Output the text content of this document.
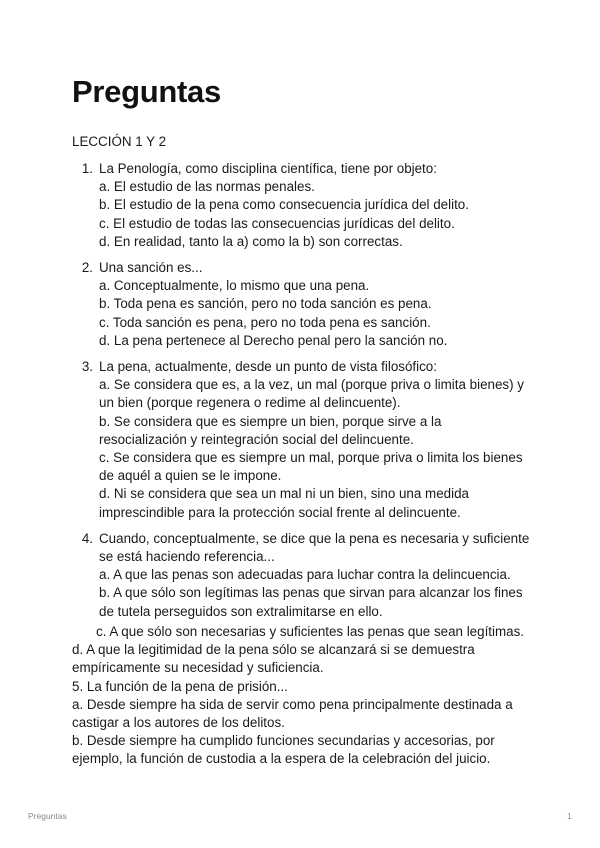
Preguntas
LECCIÓN 1 Y 2
1. La Penología, como disciplina científica, tiene por objeto:
a. El estudio de las normas penales.
b. El estudio de la pena como consecuencia jurídica del delito.
c. El estudio de todas las consecuencias jurídicas del delito.
d. En realidad, tanto la a) como la b) son correctas.
2. Una sanción es...
a. Conceptualmente, lo mismo que una pena.
b. Toda pena es sanción, pero no toda sanción es pena.
c. Toda sanción es pena, pero no toda pena es sanción.
d. La pena pertenece al Derecho penal pero la sanción no.
3. La pena, actualmente, desde un punto de vista filosófico:
a. Se considera que es, a la vez, un mal (porque priva o limita bienes) y un bien (porque regenera o redime al delincuente).
b. Se considera que es siempre un bien, porque sirve a la resocialización y reintegración social del delincuente.
c. Se considera que es siempre un mal, porque priva o limita los bienes de aquél a quien se le impone.
d. Ni se considera que sea un mal ni un bien, sino una medida imprescindible para la protección social frente al delincuente.
4. Cuando, conceptualmente, se dice que la pena es necesaria y suficiente se está haciendo referencia...
a. A que las penas son adecuadas para luchar contra la delincuencia.
b. A que sólo son legítimas las penas que sirvan para alcanzar los fines de tutela perseguidos son extralimitarse en ello.
c. A que sólo son necesarias y suficientes las penas que sean legítimas.
d. A que la legitimidad de la pena sólo se alcanzará si se demuestra empíricamente su necesidad y suficiencia.
5. La función de la pena de prisión...
a. Desde siempre ha sida de servir como pena principalmente destinada a castigar a los autores de los delitos.
b. Desde siempre ha cumplido funciones secundarias y accesorias, por ejemplo, la función de custodia a la espera de la celebración del juicio.
Preguntas	1
